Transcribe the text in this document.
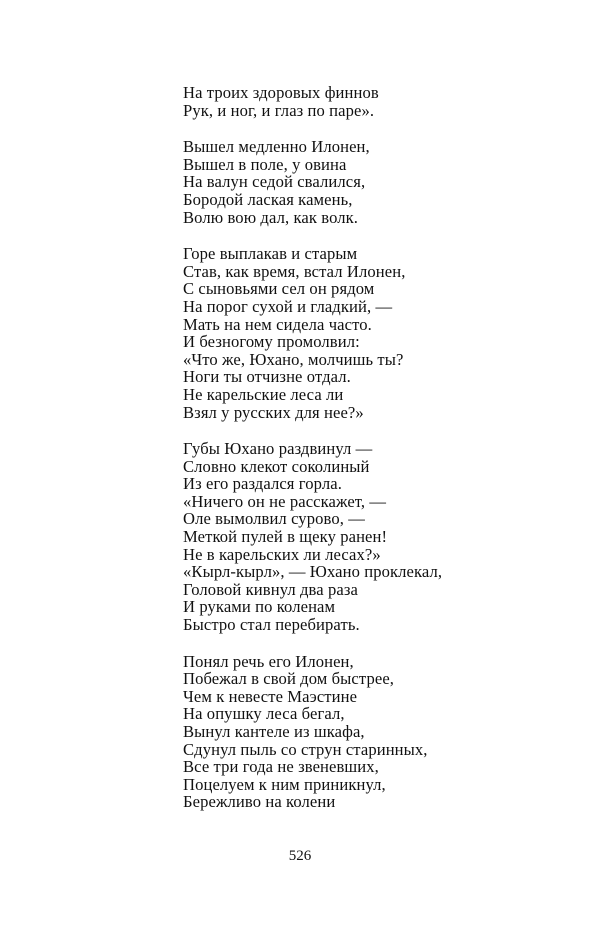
На троих здоровых финнов
Рук, и ног, и глаз по паре».
Вышел медленно Илонен,
Вышел в поле, у овина
На валун седой свалился,
Бородой лаская камень,
Волю вою дал, как волк.
Горе выплакав и старым
Став, как время, встал Илонен,
С сыновьями сел он рядом
На порог сухой и гладкий, —
Мать на нем сидела часто.
И безногому промолвил:
«Что же, Юхано, молчишь ты?
Ноги ты отчизне отдал.
Не карельские леса ли
Взял у русских для нее?»
Губы Юхано раздвинул —
Словно клекот соколиный
Из его раздался горла.
«Ничего он не расскажет, —
Оле вымолвил сурово, —
Меткой пулей в щеку ранен!
Не в карельских ли лесах?»
«Кырл-кырл», — Юхано проклекал,
Головой кивнул два раза
И руками по коленам
Быстро стал перебирать.
Понял речь его Илонен,
Побежал в свой дом быстрее,
Чем к невесте Маэстине
На опушку леса бегал,
Вынул кантеле из шкафа,
Сдунул пыль со струн старинных,
Все три года не звеневших,
Поцелуем к ним приникнул,
Бережливо на колени
526
